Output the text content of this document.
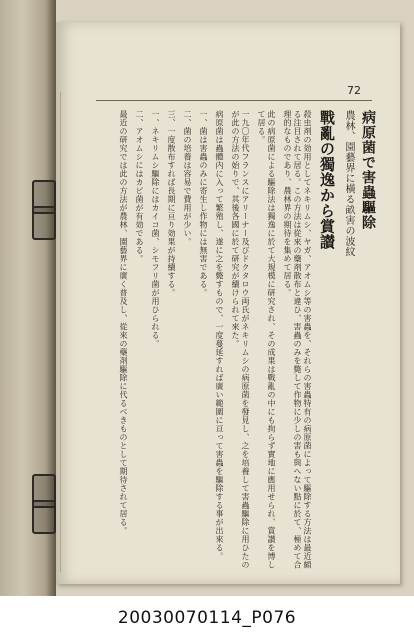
72
病原菌で害蟲驅除
農林、園藝界に橫る畝害の波紋
戰亂の獨逸から賞讃
殺虫剤の効用としてネキリムシ、ヤガ、アオムシ等の害蟲を、それらの害蟲特有の病原菌によって驅除する方法は最近頗る注目されて居る。この方法は從來の藥剤散布と違ひ、害蟲のみを斃して作物に少しの害も與へない點に於て、極めて合理的なものであり、農林界の期待を集めて居る。
此の病原菌による驅除法は獨逸に於て大規模に研究され、その成果は戰亂の中にも拘らず實地に應用せられ、賞讃を博して居る。
一九〇年代フランスにアリーナー及びドクタロウ両氏がネキリムシの病原菌を發見し、之を培養して害蟲驅除に用ひたのが此の方法の始りで、其後各國に於て研究が續けられて來た。
病原菌は蟲體内に入って繁殖し、遂に之を斃すもので、一度蔓延すれば廣い範圍に亘って害蟲を驅除する事が出來る。
一、菌は害蟲のみに寄生し作物には無害である。
二、菌の培養は容易で費用が少い。
三、一度散布すれば長期に亘り効果が持續する。
一、ネキリムシ驅除にはカイコ菌、シモフリ菌が用ひられる。
二、アオムシにはカビ菌が有効である。
最近の研究では此の方法が農林、園藝界に廣く普及し、從來の藥剤驅除に代るべきものとして期待されて居る。
20030070114_P076
